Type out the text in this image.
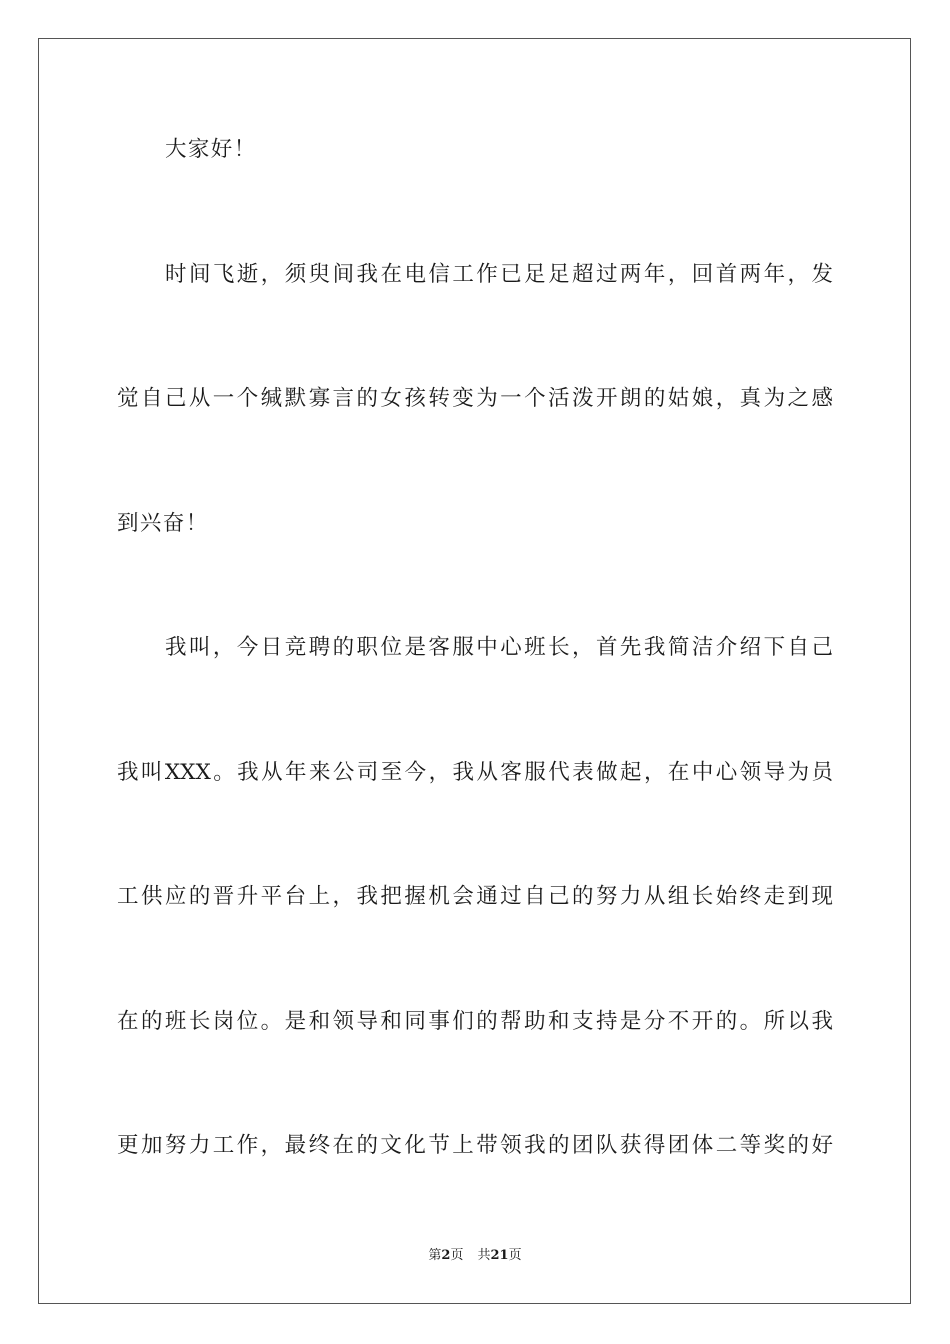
大家好！
时间飞逝，须臾间我在电信工作已足足超过两年，回首两年，发
觉自己从一个缄默寡言的女孩转变为一个活泼开朗的姑娘，真为之感
到兴奋！
我叫，今日竞聘的职位是客服中心班长，首先我简洁介绍下自己
我叫XXX。我从年来公司至今，我从客服代表做起，在中心领导为员
工供应的晋升平台上，我把握机会通过自己的努力从组长始终走到现
在的班长岗位。是和领导和同事们的帮助和支持是分不开的。所以我
更加努力工作，最终在的文化节上带领我的团队获得团体二等奖的好
第2页 共21页
